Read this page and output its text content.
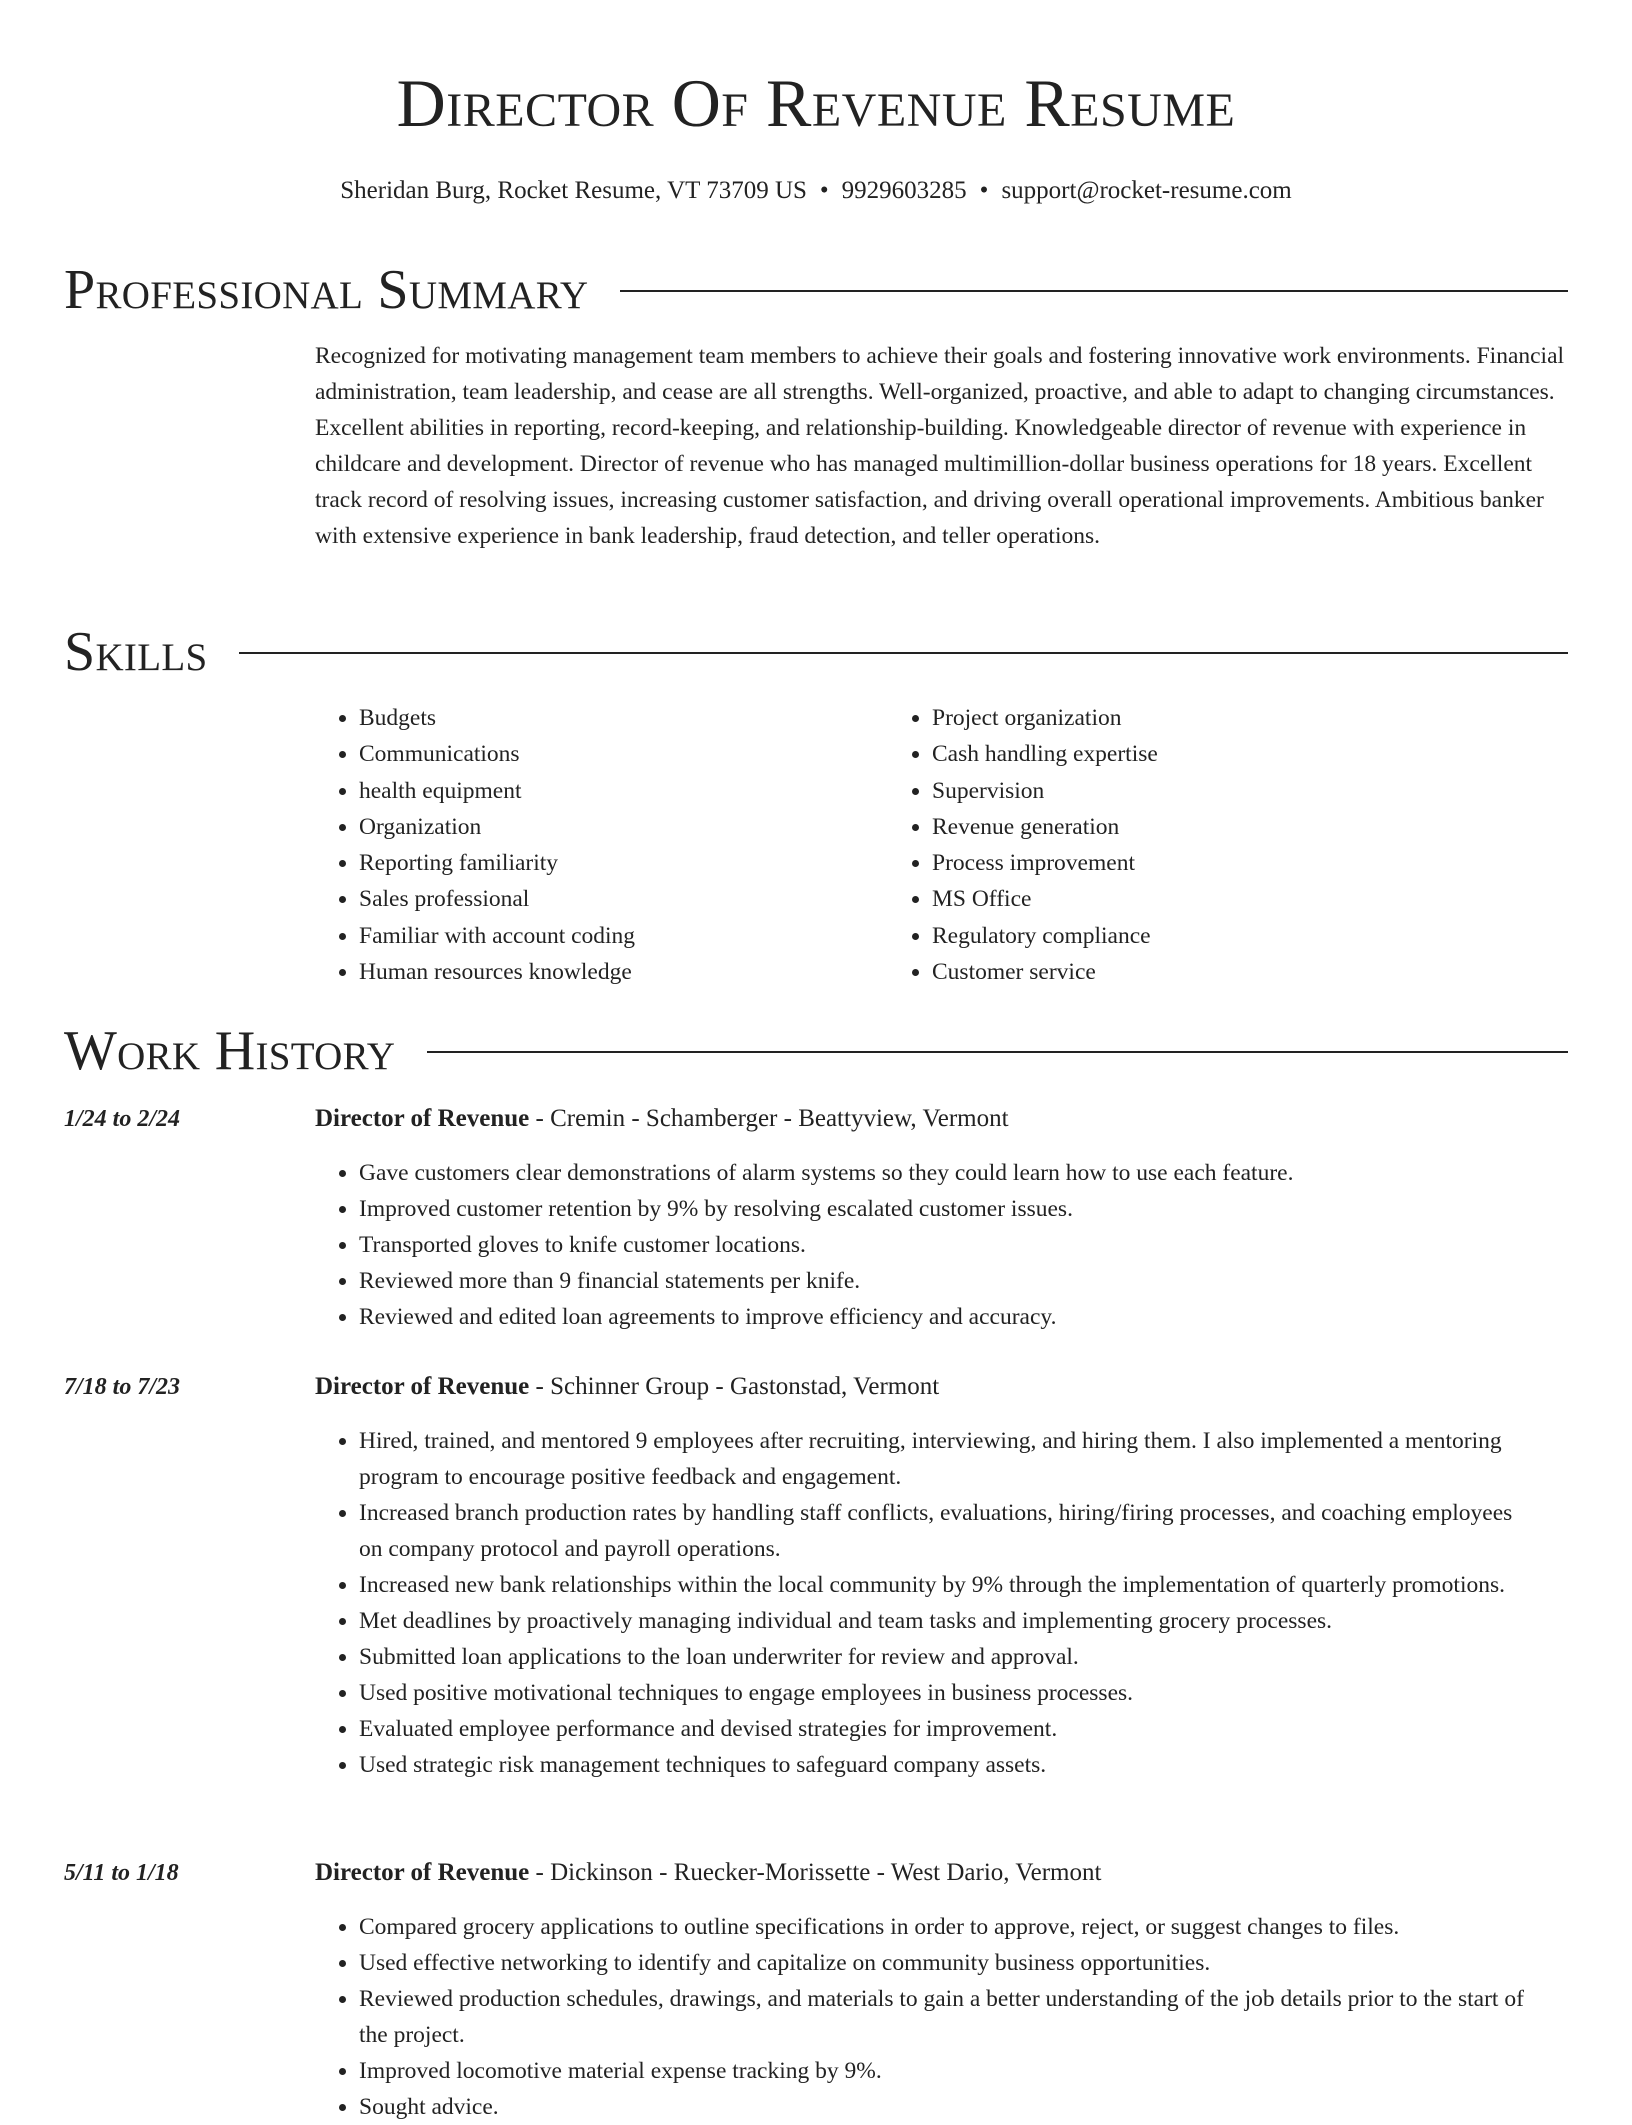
Director Of Revenue Resume
Sheridan Burg, Rocket Resume, VT 73709 US • 9929603285 • support@rocket-resume.com
Professional Summary

Recognized for motivating management team members to achieve their goals and fostering innovative work environments. Financial administration, team leadership, and cease are all strengths. Well-organized, proactive, and able to adapt to changing circumstances. Excellent abilities in reporting, record-keeping, and relationship-building. Knowledgeable director of revenue with experience in childcare and development. Director of revenue who has managed multimillion-dollar business operations for 18 years. Excellent track record of resolving issues, increasing customer satisfaction, and driving overall operational improvements. Ambitious banker with extensive experience in bank leadership, fraud detection, and teller operations.

Skills
• Budgets
• Communications
• health equipment
• Organization
• Reporting familiarity
• Sales professional
• Familiar with account coding
• Human resources knowledge
• Project organization
• Cash handling expertise
• Supervision
• Revenue generation
• Process improvement
• MS Office
• Regulatory compliance
• Customer service
Work History
1/24 to 2/24	Director of Revenue - Cremin - Schamberger - Beattyview, Vermont
• Gave customers clear demonstrations of alarm systems so they could learn how to use each feature.
• Improved customer retention by 9% by resolving escalated customer issues.
• Transported gloves to knife customer locations.
• Reviewed more than 9 financial statements per knife.
• Reviewed and edited loan agreements to improve efficiency and accuracy.
7/18 to 7/23	Director of Revenue - Schinner Group - Gastonstad, Vermont
• Hired, trained, and mentored 9 employees after recruiting, interviewing, and hiring them. I also implemented a mentoring program to encourage positive feedback and engagement.
• Increased branch production rates by handling staff conflicts, evaluations, hiring/firing processes, and coaching employees on company protocol and payroll operations.
• Increased new bank relationships within the local community by 9% through the implementation of quarterly promotions.
• Met deadlines by proactively managing individual and team tasks and implementing grocery processes.
• Submitted loan applications to the loan underwriter for review and approval.
• Used positive motivational techniques to engage employees in business processes.
• Evaluated employee performance and devised strategies for improvement.
• Used strategic risk management techniques to safeguard company assets.
5/11 to 1/18	Director of Revenue - Dickinson - Ruecker-Morissette - West Dario, Vermont
• Compared grocery applications to outline specifications in order to approve, reject, or suggest changes to files.
• Used effective networking to identify and capitalize on community business opportunities.
• Reviewed production schedules, drawings, and materials to gain a better understanding of the job details prior to the start of the project.
• Improved locomotive material expense tracking by 9%.
• Sought advice.
